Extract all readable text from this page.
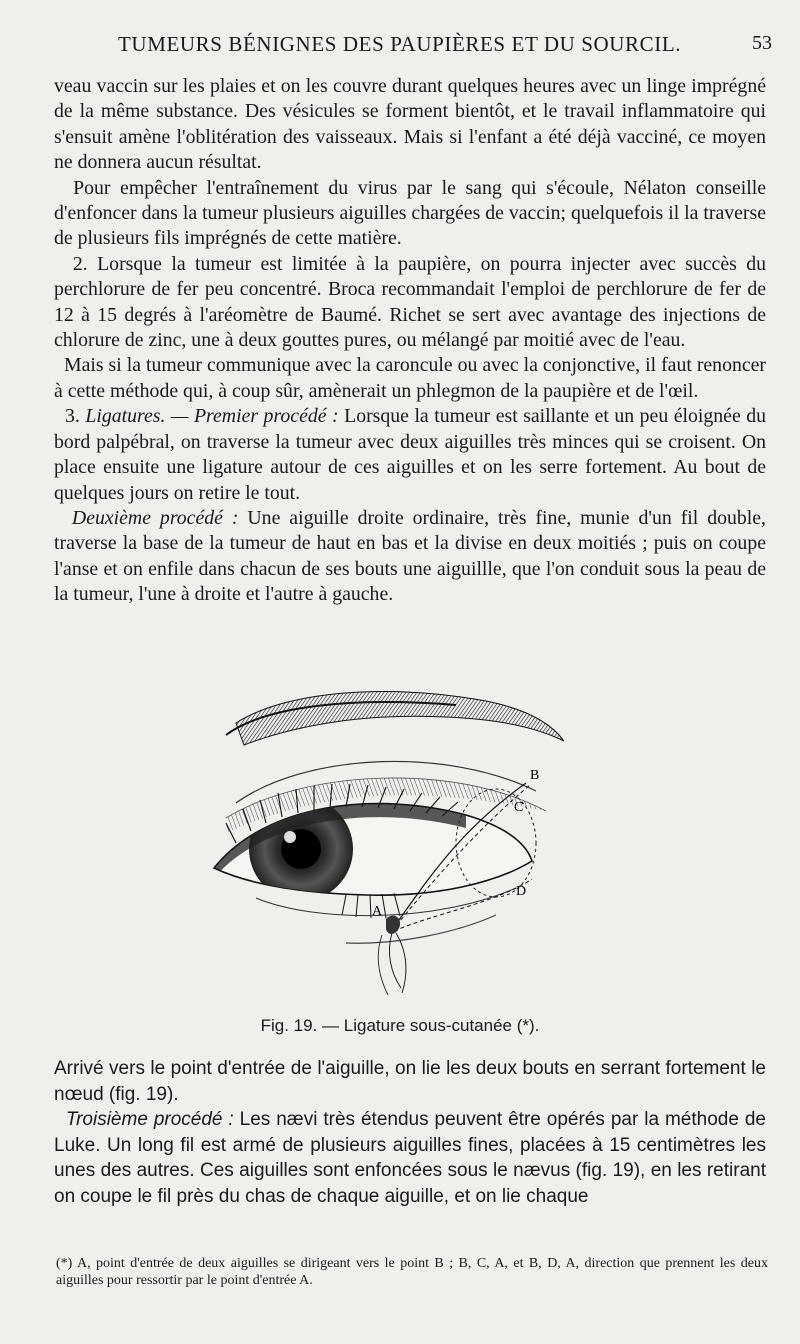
TUMEURS BÉNIGNES DES PAUPIÈRES ET DU SOURCIL.	53

veau vaccin sur les plaies et on les couvre durant quelques heures avec un linge imprégné de la même substance. Des vésicules se forment bientôt, et le travail inflammatoire qui s'ensuit amène l'oblitération des vaisseaux. Mais si l'enfant a été déjà vacciné, ce moyen ne donnera aucun résultat.

Pour empêcher l'entraînement du virus par le sang qui s'écoule, Nélaton conseille d'enfoncer dans la tumeur plusieurs aiguilles chargées de vaccin; quelquefois il la traverse de plusieurs fils imprégnés de cette matière.

2. Lorsque la tumeur est limitée à la paupière, on pourra injecter avec succès du perchlorure de fer peu concentré. Broca recommandait l'emploi de perchlorure de fer de 12 à 15 degrés à l'aréomètre de Baumé. Richet se sert avec avantage des injections de chlorure de zinc, une à deux gouttes pures, ou mélangé par moitié avec de l'eau.

Mais si la tumeur communique avec la caroncule ou avec la conjonctive, il faut renoncer à cette méthode qui, à coup sûr, amènerait un phlegmon de la paupière et de l'œil.

3. Ligatures. — Premier procédé : Lorsque la tumeur est saillante et un peu éloignée du bord palpébral, on traverse la tumeur avec deux aiguilles très minces qui se croisent. On place ensuite une ligature autour de ces aiguilles et on les serre fortement. Au bout de quelques jours on retire le tout.

Deuxième procédé : Une aiguille droite ordinaire, très fine, munie d'un fil double, traverse la base de la tumeur de haut en bas et la divise en deux moitiés ; puis on coupe l'anse et on enfile dans chacun de ses bouts une aiguillle, que l'on conduit sous la peau de la tumeur, l'une à droite et l'autre à gauche.

C
B
A
D
Fig. 19. — Ligature sous-cutanée (*).

Arrivé vers le point d'entrée de l'aiguille, on lie les deux bouts en serrant fortement le nœud (fig. 19).

Troisième procédé : Les nævi très étendus peuvent être opérés par la méthode de Luke. Un long fil est armé de plusieurs aiguilles fines, placées à 15 centimètres les unes des autres. Ces aiguilles sont enfoncées sous le nævus (fig. 19), en les retirant on coupe le fil près du chas de chaque aiguille, et on lie chaque

(*) A, point d'entrée de deux aiguilles se dirigeant vers le point B ; B, C, A, et B, D, A, direction que prennent les deux aiguilles pour ressortir par le point d'entrée A.
